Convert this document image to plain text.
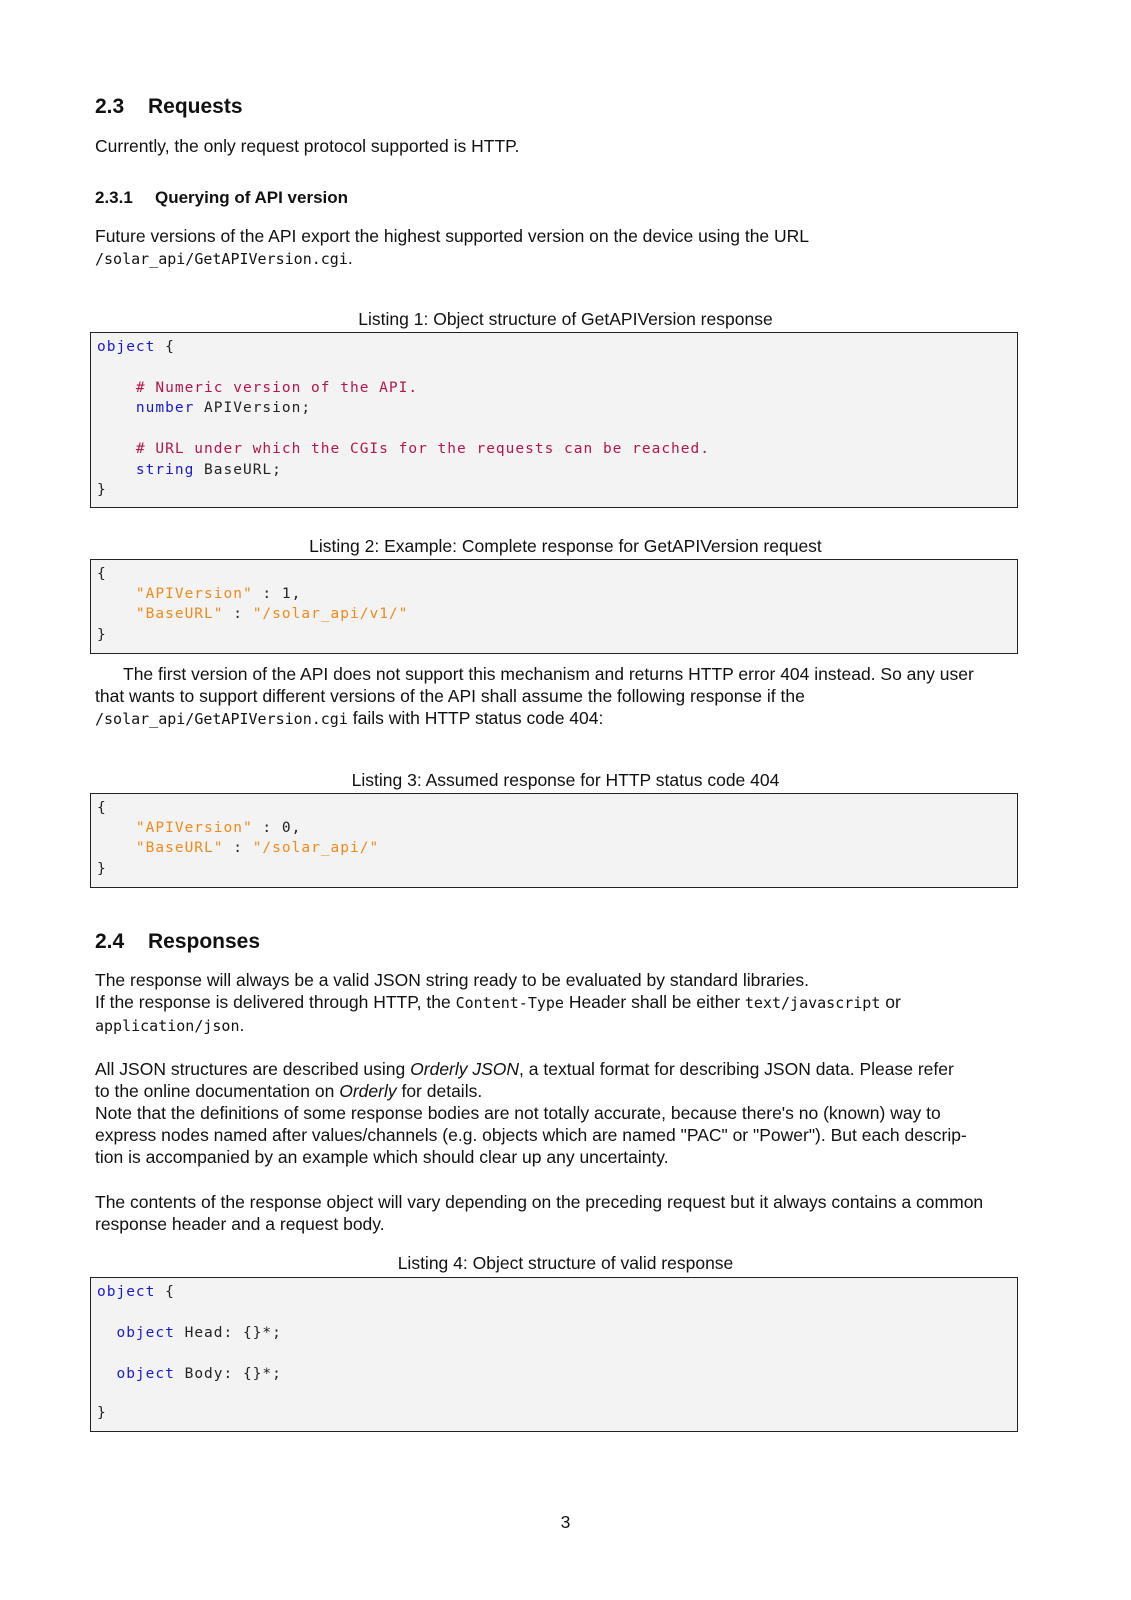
2.3 Requests
Currently, the only request protocol supported is HTTP.
2.3.1 Querying of API version
Future versions of the API export the highest supported version on the device using the URL
/solar_api/GetAPIVersion.cgi.
Listing 1: Object structure of GetAPIVersion response
object {
# Numeric version of the API.
number APIVersion;
# URL under which the CGIs for the requests can be reached.
string BaseURL;
}
Listing 2: Example: Complete response for GetAPIVersion request
{
"APIVersion" : 1,
"BaseURL" : "/solar_api/v1/"
}
The first version of the API does not support this mechanism and returns HTTP error 404 instead. So any user
that wants to support different versions of the API shall assume the following response if the
/solar_api/GetAPIVersion.cgi fails with HTTP status code 404:
Listing 3: Assumed response for HTTP status code 404
{
"APIVersion" : 0,
"BaseURL" : "/solar_api/"
}
2.4 Responses
The response will always be a valid JSON string ready to be evaluated by standard libraries.
If the response is delivered through HTTP, the Content-Type Header shall be either text/javascript or
application/json.
All JSON structures are described using Orderly JSON, a textual format for describing JSON data. Please refer
to the online documentation on Orderly for details.
Note that the definitions of some response bodies are not totally accurate, because there's no (known) way to
express nodes named after values/channels (e.g. objects which are named "PAC" or "Power"). But each descrip-
tion is accompanied by an example which should clear up any uncertainty.
The contents of the response object will vary depending on the preceding request but it always contains a common
response header and a request body.
Listing 4: Object structure of valid response
object {
object Head: {}*;
object Body: {}*;
}
3
